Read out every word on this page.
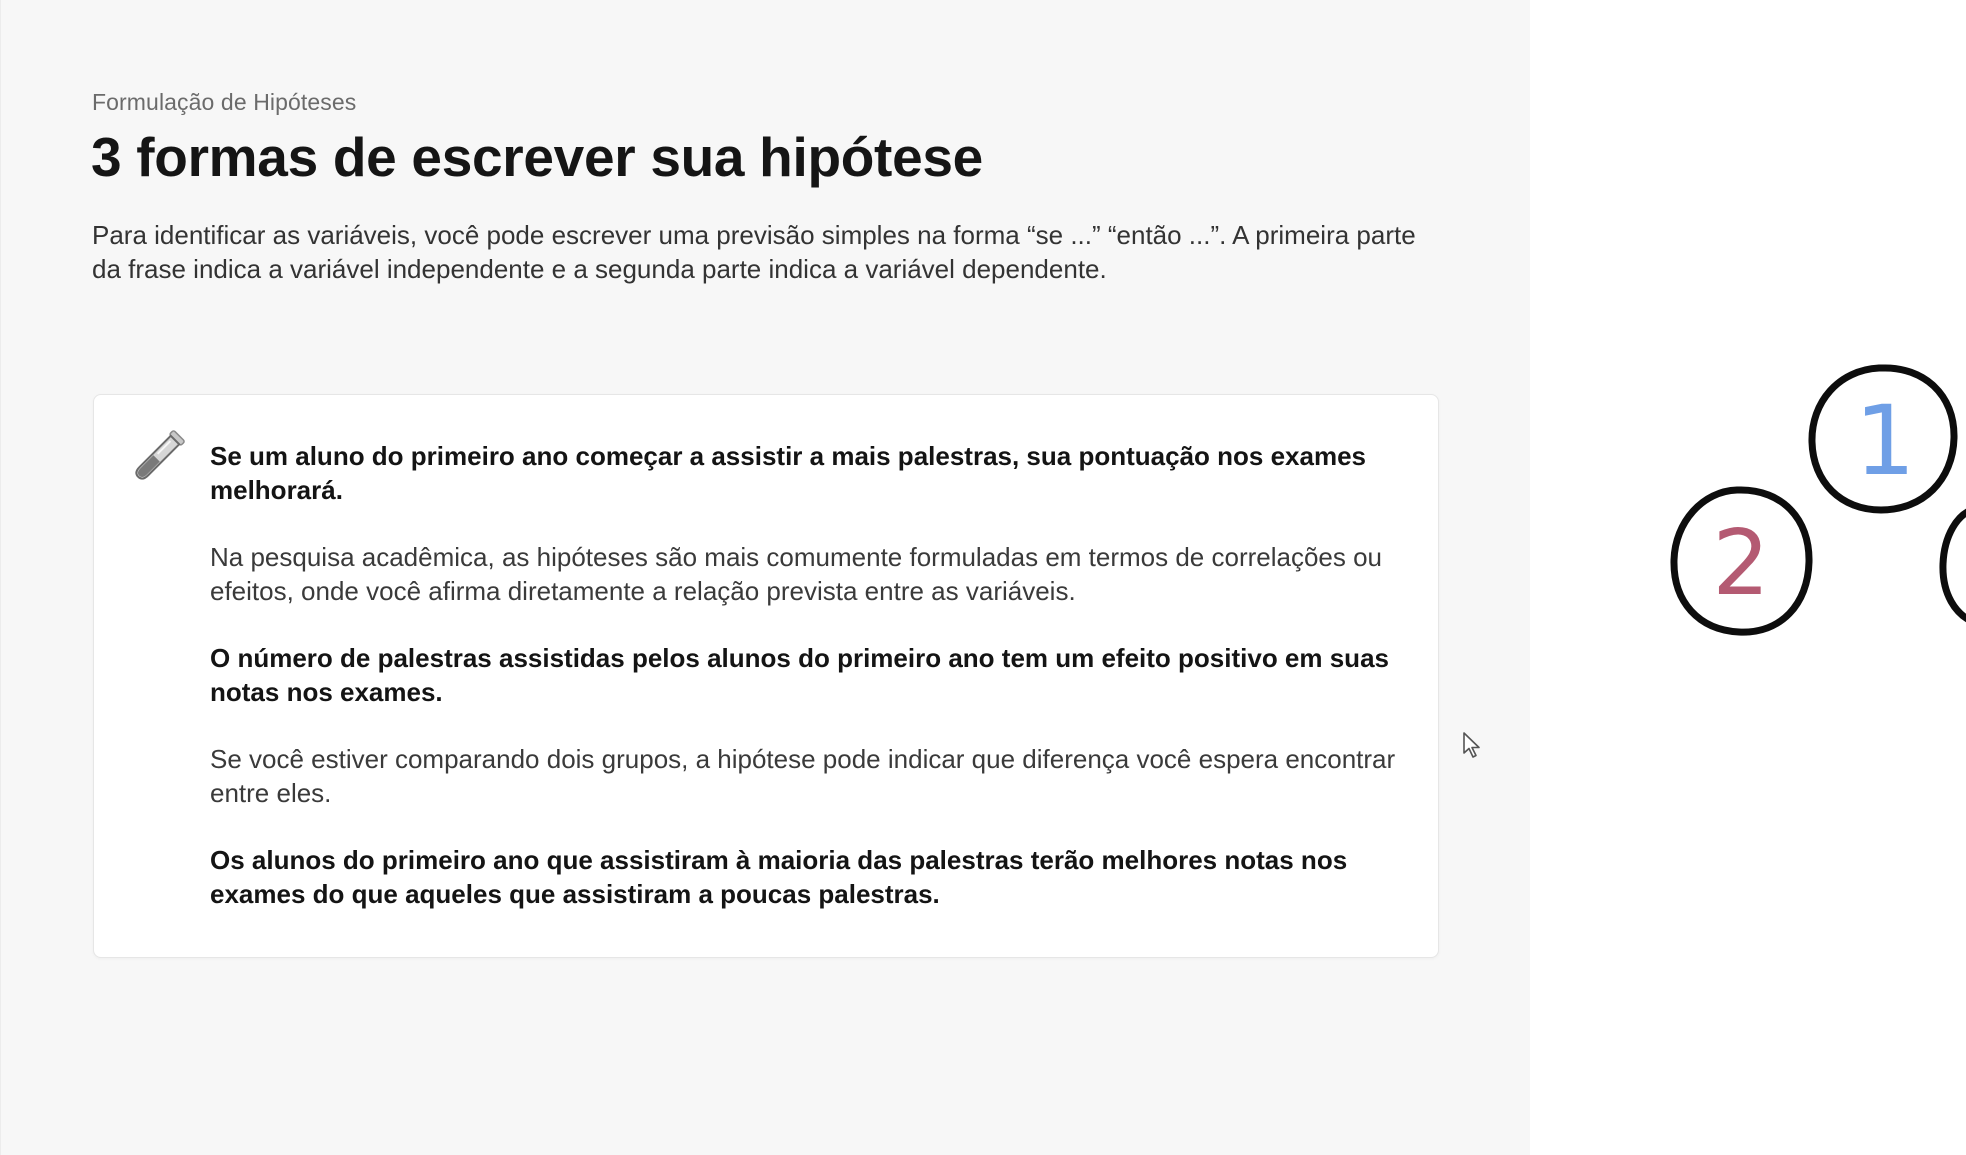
Formulação de Hipóteses
3 formas de escrever sua hipótese

Para identificar as variáveis, você pode escrever uma previsão simples na forma “se ...” “então ...”. A primeira parte da frase indica a variável independente e a segunda parte indica a variável dependente.

Se um aluno do primeiro ano começar a assistir a mais palestras, sua pontuação nos exames melhorará.

Na pesquisa acadêmica, as hipóteses são mais comumente formuladas em termos de correlações ou efeitos, onde você afirma diretamente a relação prevista entre as variáveis.

O número de palestras assistidas pelos alunos do primeiro ano tem um efeito positivo em suas notas nos exames.

Se você estiver comparando dois grupos, a hipótese pode indicar que diferença você espera encontrar entre eles.

Os alunos do primeiro ano que assistiram à maioria das palestras terão melhores notas nos exames do que aqueles que assistiram a poucas palestras.

1
2
